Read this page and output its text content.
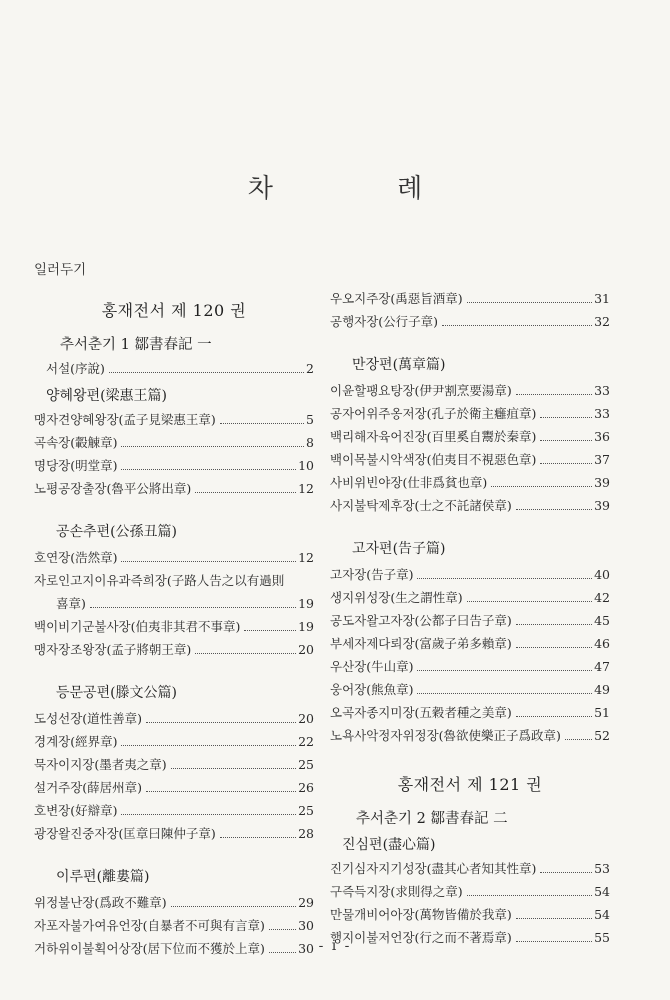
차 례
일러두기
홍재전서 제 120 권
추서춘기 1 鄒書春記 一
서설(序說)	2
양혜왕편(梁惠王篇)
맹자견양혜왕장(孟子見梁惠王章)	5
곡속장(轂觫章)	8
명당장(明堂章)	10
노평공장출장(魯平公將出章)	12
공손추편(公孫丑篇)
호연장(浩然章)	12
자로인고지이유과즉희장(子路人告之以有過則
喜章)	19
백이비기군불사장(伯夷非其君不事章)	19
맹자장조왕장(孟子將朝王章)	20
등문공편(滕文公篇)
도성선장(道性善章)	20
경계장(經界章)	22
묵자이지장(墨者夷之章)	25
설거주장(薛居州章)	26
호변장(好辯章)	25
광장왈진중자장(匡章曰陳仲子章)	28
이루편(離婁篇)
위정불난장(爲政不難章)	29
자포자불가여유언장(自暴者不可與有言章)	30
거하위이불획어상장(居下位而不獲於上章)	30
우오지주장(禹惡旨酒章)	31
공행자장(公行子章)	32
만장편(萬章篇)
이윤할팽요탕장(伊尹割烹要湯章)	33
공자어위주옹저장(孔子於衛主癰疽章)	33
백리해자육어진장(百里奚自鬻於秦章)	36
백이목불시악색장(伯夷目不視惡色章)	37
사비위빈야장(仕非爲貧也章)	39
사지불탁제후장(士之不託諸侯章)	39
고자편(告子篇)
고자장(告子章)	40
생지위성장(生之謂性章)	42
공도자왈고자장(公都子曰告子章)	45
부세자제다뢰장(富歲子弟多賴章)	46
우산장(牛山章)	47
웅어장(熊魚章)	49
오곡자종지미장(五穀者種之美章)	51
노욕사악정자위정장(魯欲使樂正子爲政章)	52
홍재전서 제 121 권
추서춘기 2 鄒書春記 二
진심편(盡心篇)
진기심자지기성장(盡其心者知其性章)	53
구즉득지장(求則得之章)	54
만물개비어아장(萬物皆備於我章)	54
행지이불저언장(行之而不著焉章)	55
- i -
